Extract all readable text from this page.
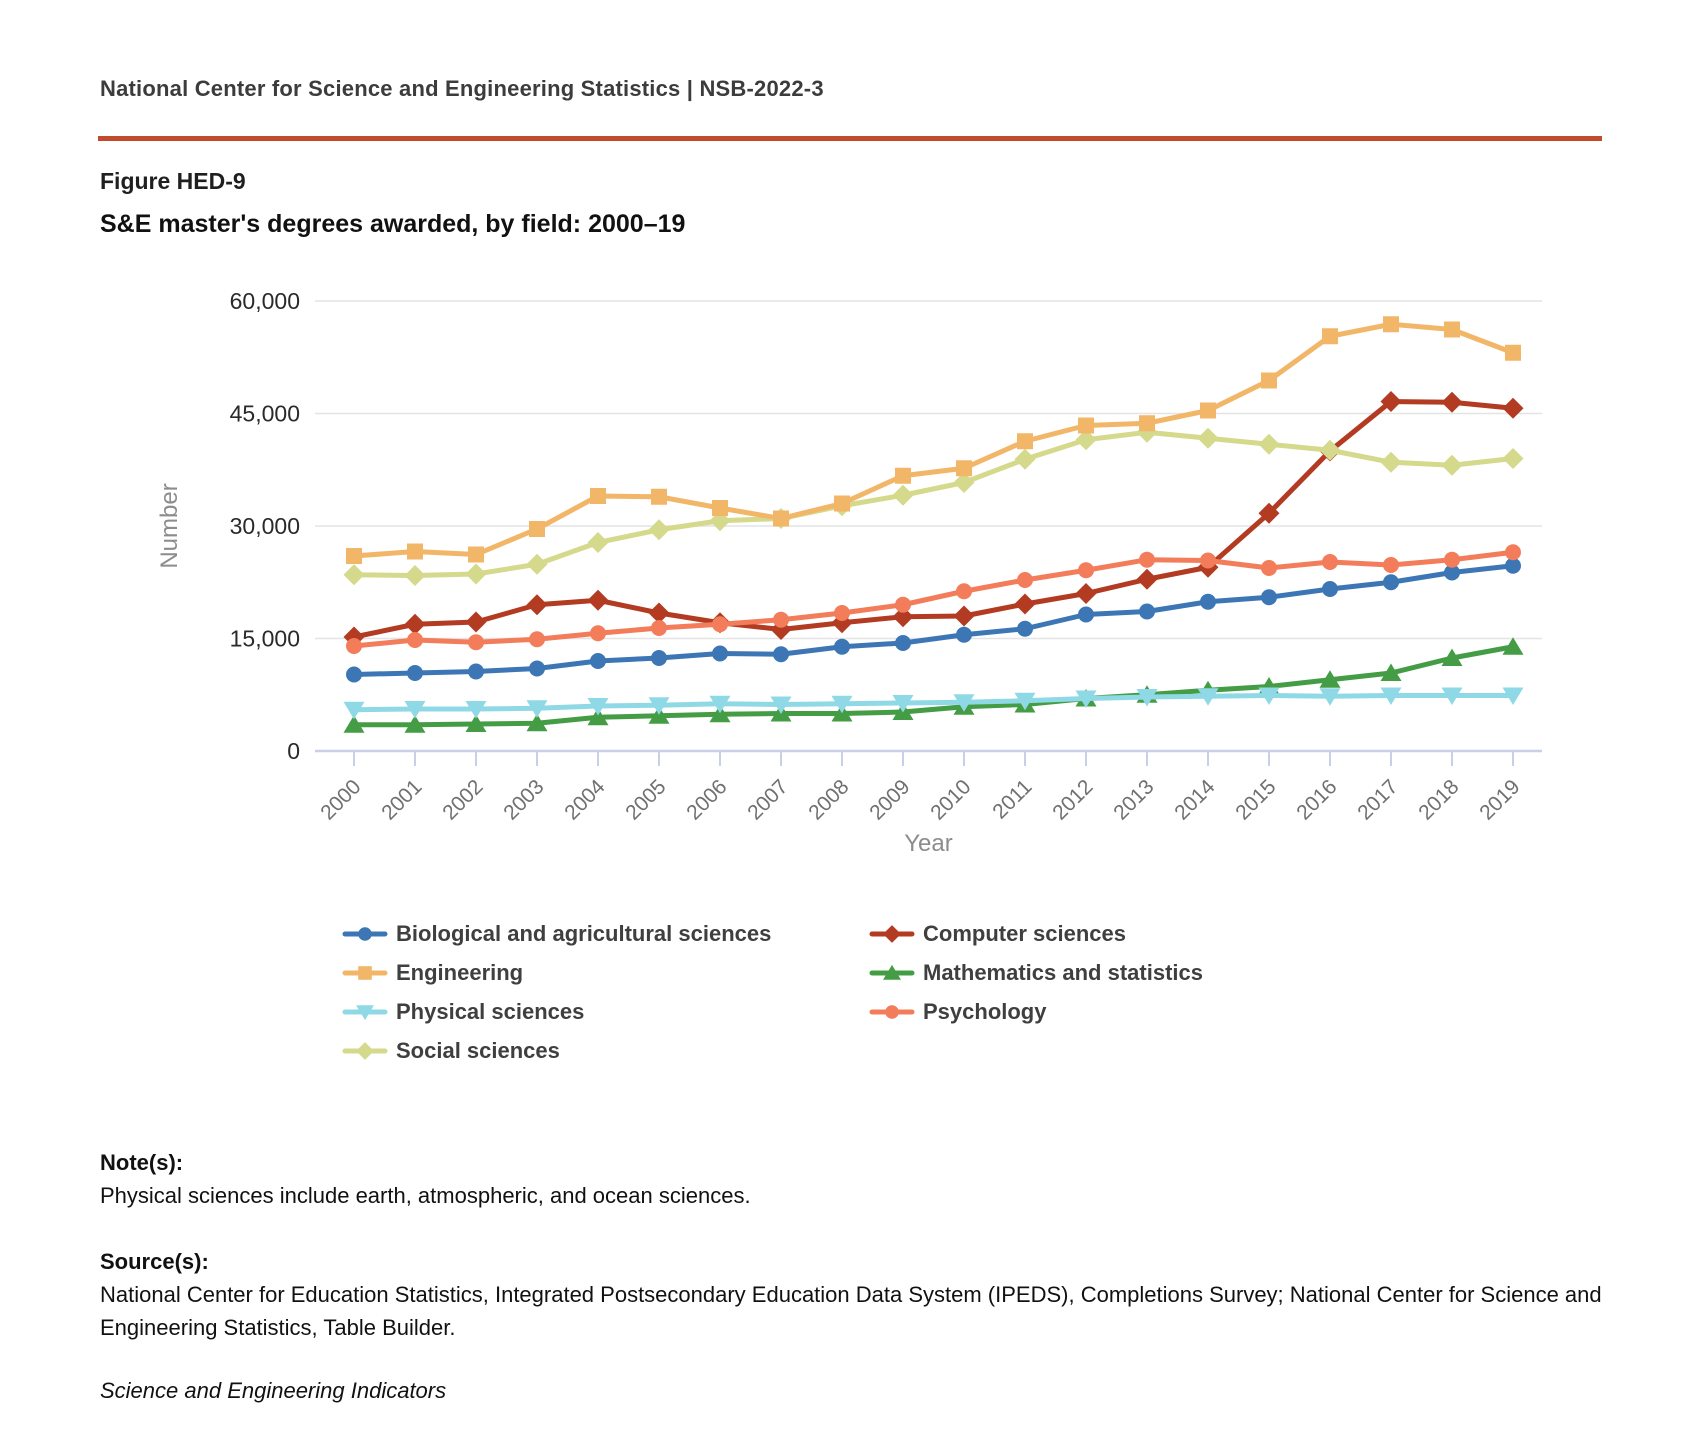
National Center for Science and Engineering Statistics | NSB-2022-3
Figure HED-9
S&E master's degrees awarded, by field: 2000–19
0
15,000
30,000
45,000
60,000
2000 2001 2002 2003 2004 2005 2006 2007 2008 2009 2010 2011 2012 2013 2014 2015 2016 2017 2018 2019
Number
Year
Biological and agricultural sciences	Computer sciences
Engineering	Mathematics and statistics
Physical sciences	Psychology
Social sciences
Note(s):
Physical sciences include earth, atmospheric, and ocean sciences.
Source(s):
National Center for Education Statistics, Integrated Postsecondary Education Data System (IPEDS), Completions Survey; National Center for Science and Engineering Statistics, Table Builder.
Science and Engineering Indicators
